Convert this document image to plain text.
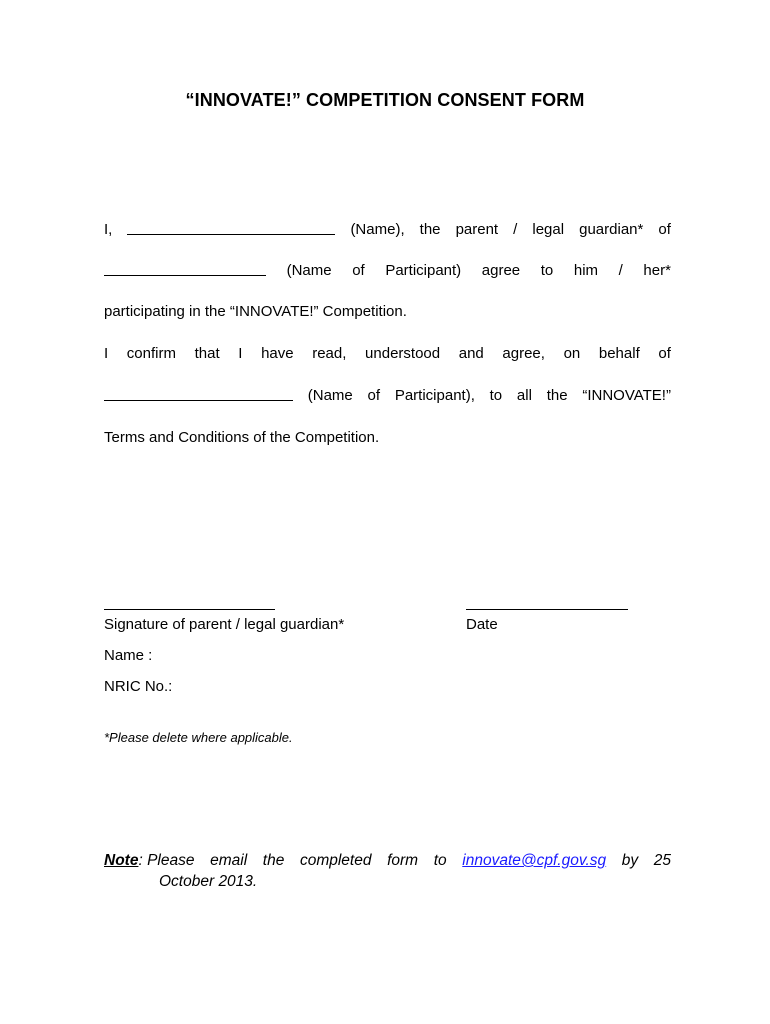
“INNOVATE!” COMPETITION CONSENT FORM
I,	(Name), the parent / legal guardian* of
(Name of Participant) agree to him / her*
participating in the “INNOVATE!” Competition.
I confirm that I have read, understood and agree, on behalf of
(Name of Participant), to all the “INNOVATE!”
Terms and Conditions of the Competition.
Signature of parent / legal guardian*	Date
Name :
NRIC No.:
*Please delete where applicable.
Note: Please email the completed form to innovate@cpf.gov.sg by 25
October 2013.
